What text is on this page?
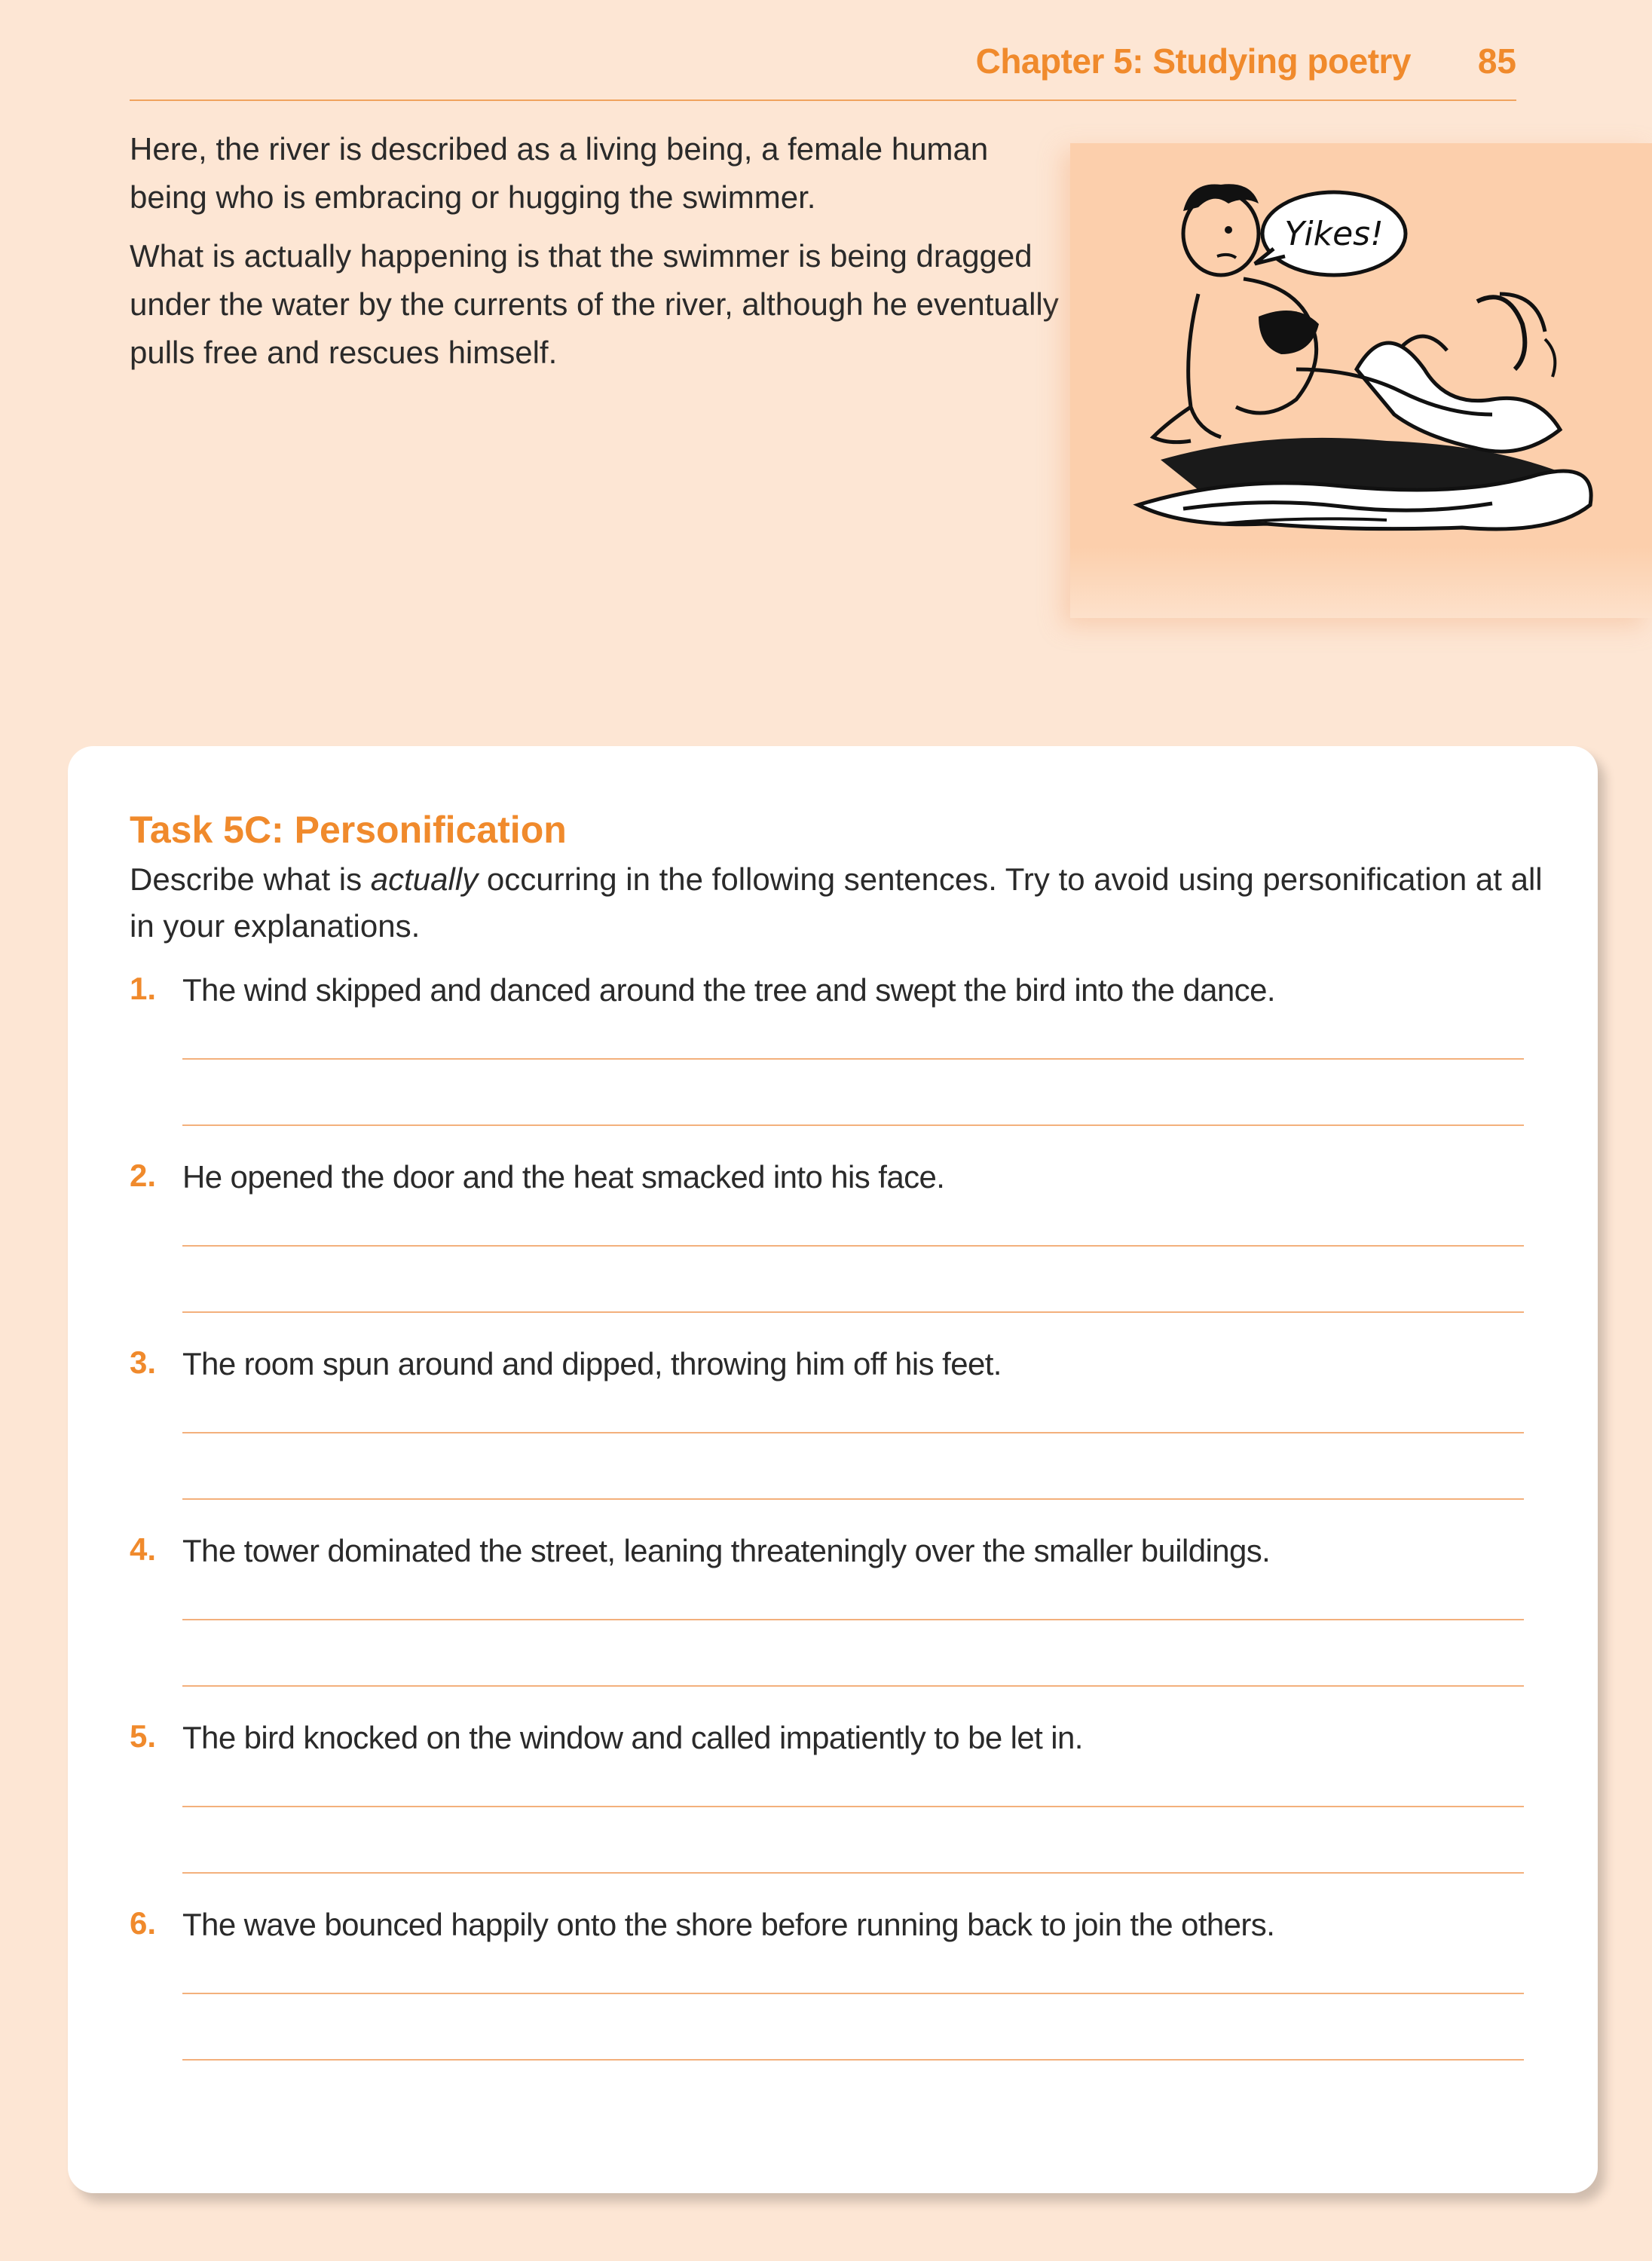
Chapter 5: Studying poetry 85

Here, the river is described as a living being, a female human being who is embracing or hugging the swimmer.

What is actually happening is that the swimmer is being dragged under the water by the currents of the river, although he eventually pulls free and rescues himself.

Yikes!
Task 5C: Personification
Describe what is actually occurring in the following sentences. Try to avoid using personification at all in your explanations.
1. The wind skipped and danced around the tree and swept the bird into the dance.
2. He opened the door and the heat smacked into his face.
3. The room spun around and dipped, throwing him off his feet.
4. The tower dominated the street, leaning threateningly over the smaller buildings.
5. The bird knocked on the window and called impatiently to be let in.
6. The wave bounced happily onto the shore before running back to join the others.
